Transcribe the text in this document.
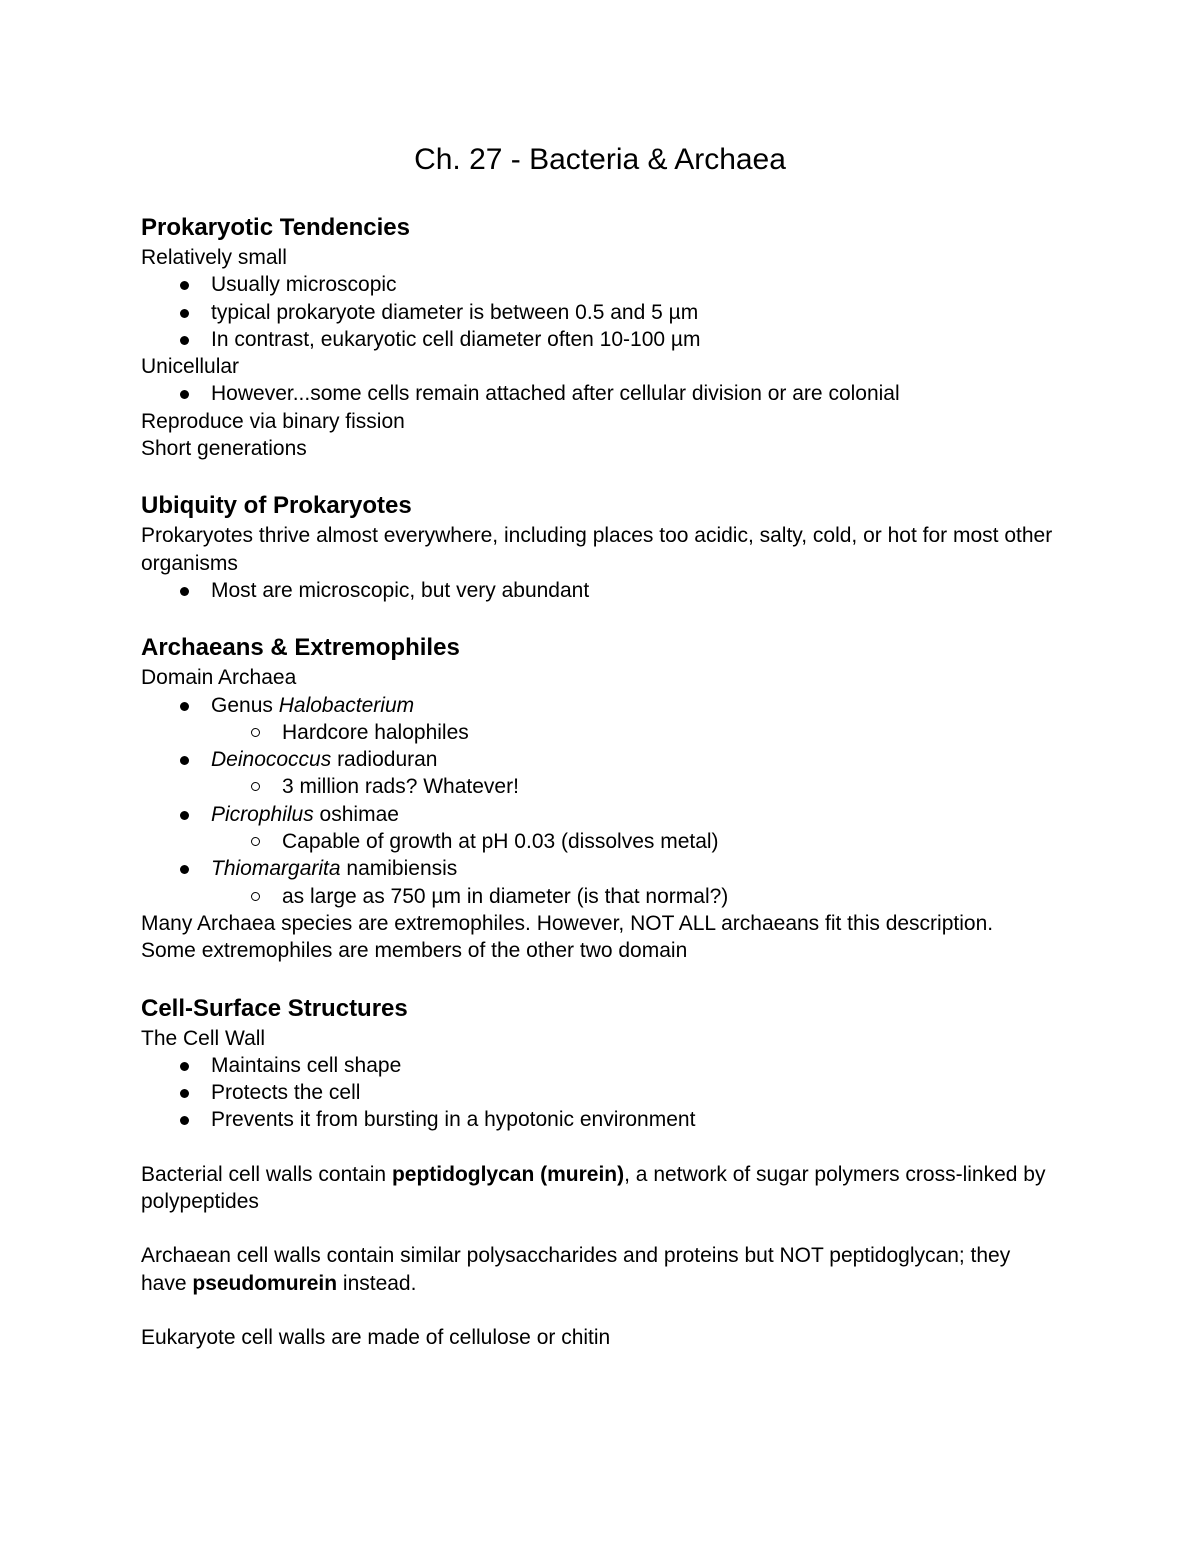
Ch. 27 - Bacteria & Archaea
Prokaryotic Tendencies

Relatively small

Usually microscopic
typical prokaryote diameter is between 0.5 and 5 µm
In contrast, eukaryotic cell diameter often 10-100 µm

Unicellular

However...some cells remain attached after cellular division or are colonial

Reproduce via binary fission

Short generations

Ubiquity of Prokaryotes

Prokaryotes thrive almost everywhere, including places too acidic, salty, cold, or hot for most other organisms

Most are microscopic, but very abundant
Archaeans & Extremophiles

Domain Archaea

Genus Halobacterium
Hardcore halophiles
Deinococcus radioduran
3 million rads? Whatever!
Picrophilus oshimae
Capable of growth at pH 0.03 (dissolves metal)
Thiomargarita namibiensis
as large as 750 µm in diameter (is that normal?)

Many Archaea species are extremophiles. However, NOT ALL archaeans fit this description.

Some extremophiles are members of the other two domain

Cell-Surface Structures

The Cell Wall

Maintains cell shape
Protects the cell
Prevents it from bursting in a hypotonic environment

Bacterial cell walls contain peptidoglycan (murein), a network of sugar polymers cross-linked by polypeptides

Archaean cell walls contain similar polysaccharides and proteins but NOT peptidoglycan; they have pseudomurein instead.

Eukaryote cell walls are made of cellulose or chitin
